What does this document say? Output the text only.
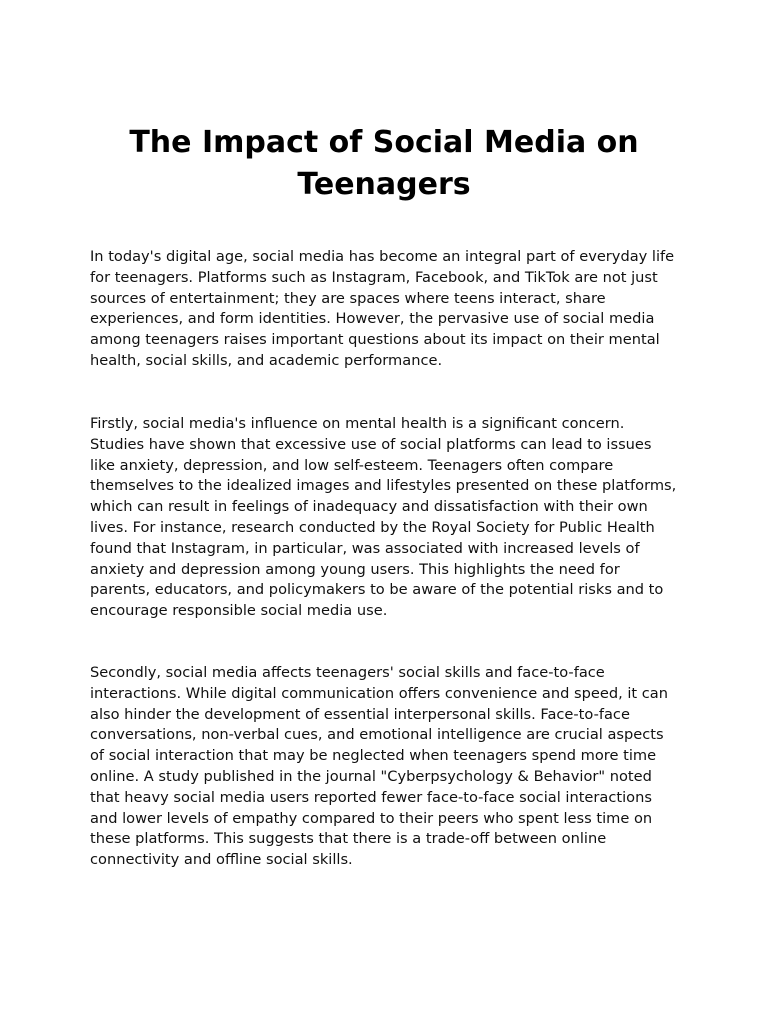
The Impact of Social Media on Teenagers

In today's digital age, social media has become an integral part of everyday life for teenagers. Platforms such as Instagram, Facebook, and TikTok are not just sources of entertainment; they are spaces where teens interact, share experiences, and form identities. However, the pervasive use of social media among teenagers raises important questions about its impact on their mental health, social skills, and academic performance.

Firstly, social media's influence on mental health is a significant concern. Studies have shown that excessive use of social platforms can lead to issues like anxiety, depression, and low self-esteem. Teenagers often compare themselves to the idealized images and lifestyles presented on these platforms, which can result in feelings of inadequacy and dissatisfaction with their own lives. For instance, research conducted by the Royal Society for Public Health found that Instagram, in particular, was associated with increased levels of anxiety and depression among young users. This highlights the need for parents, educators, and policymakers to be aware of the potential risks and to encourage responsible social media use.

Secondly, social media affects teenagers' social skills and face-to-face interactions. While digital communication offers convenience and speed, it can also hinder the development of essential interpersonal skills. Face-to-face conversations, non-verbal cues, and emotional intelligence are crucial aspects of social interaction that may be neglected when teenagers spend more time online. A study published in the journal "Cyberpsychology & Behavior" noted that heavy social media users reported fewer face-to-face social interactions and lower levels of empathy compared to their peers who spent less time on these platforms. This suggests that there is a trade-off between online connectivity and offline social skills.
